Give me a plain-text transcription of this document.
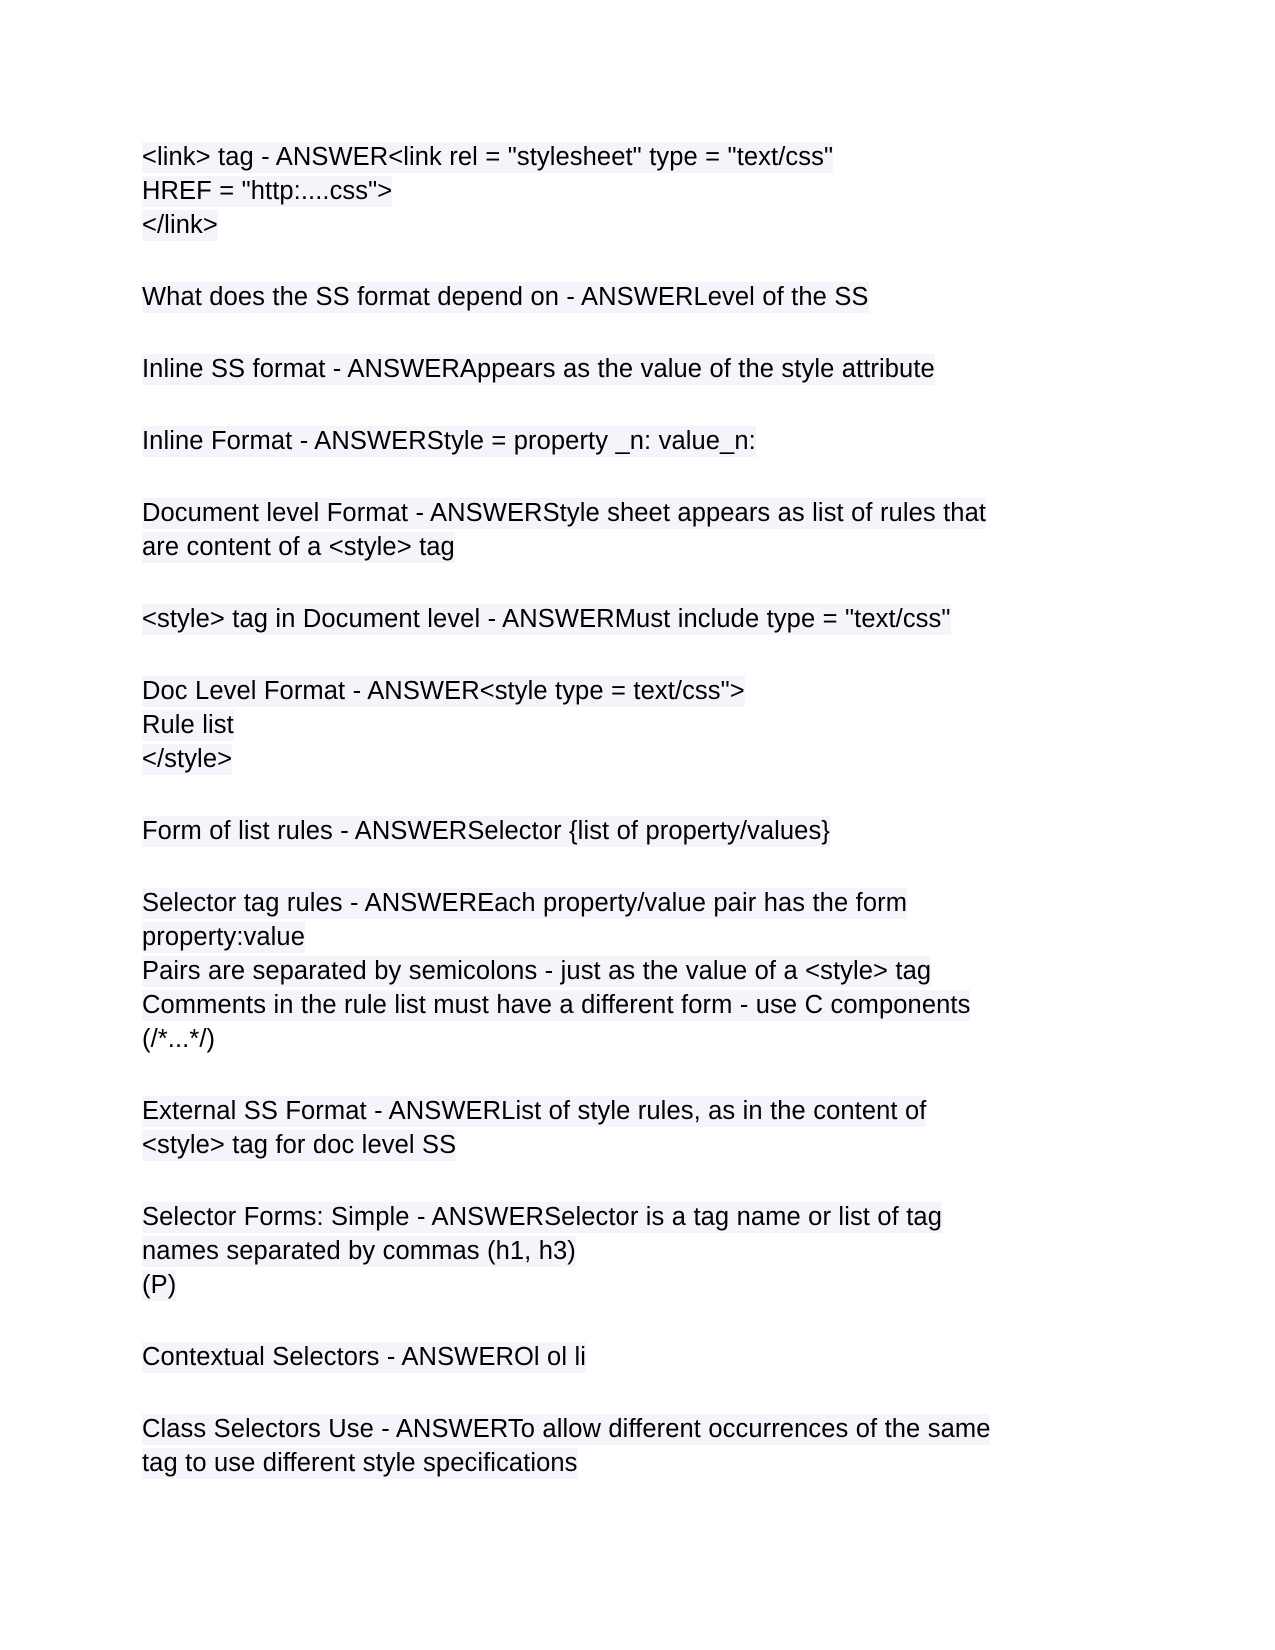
<link> tag - ANSWER<link rel = "stylesheet" type = "text/css"
HREF = "http:....css">
</link>

What does the SS format depend on - ANSWERLevel of the SS

Inline SS format - ANSWERAppears as the value of the style attribute

Inline Format - ANSWERStyle = property _n: value_n:

Document level Format - ANSWERStyle sheet appears as list of rules that
are content of a <style> tag

<style> tag in Document level - ANSWERMust include type = "text/css"

Doc Level Format - ANSWER<style type = text/css">
Rule list
</style>

Form of list rules - ANSWERSelector {list of property/values}

Selector tag rules - ANSWEREach property/value pair has the form
property:value
Pairs are separated by semicolons - just as the value of a <style> tag
Comments in the rule list must have a different form - use C components
(/*...*/)

External SS Format - ANSWERList of style rules, as in the content of
<style> tag for doc level SS

Selector Forms: Simple - ANSWERSelector is a tag name or list of tag
names separated by commas (h1, h3)
(P)

Contextual Selectors - ANSWEROl ol li

Class Selectors Use - ANSWERTo allow different occurrences of the same
tag to use different style specifications
